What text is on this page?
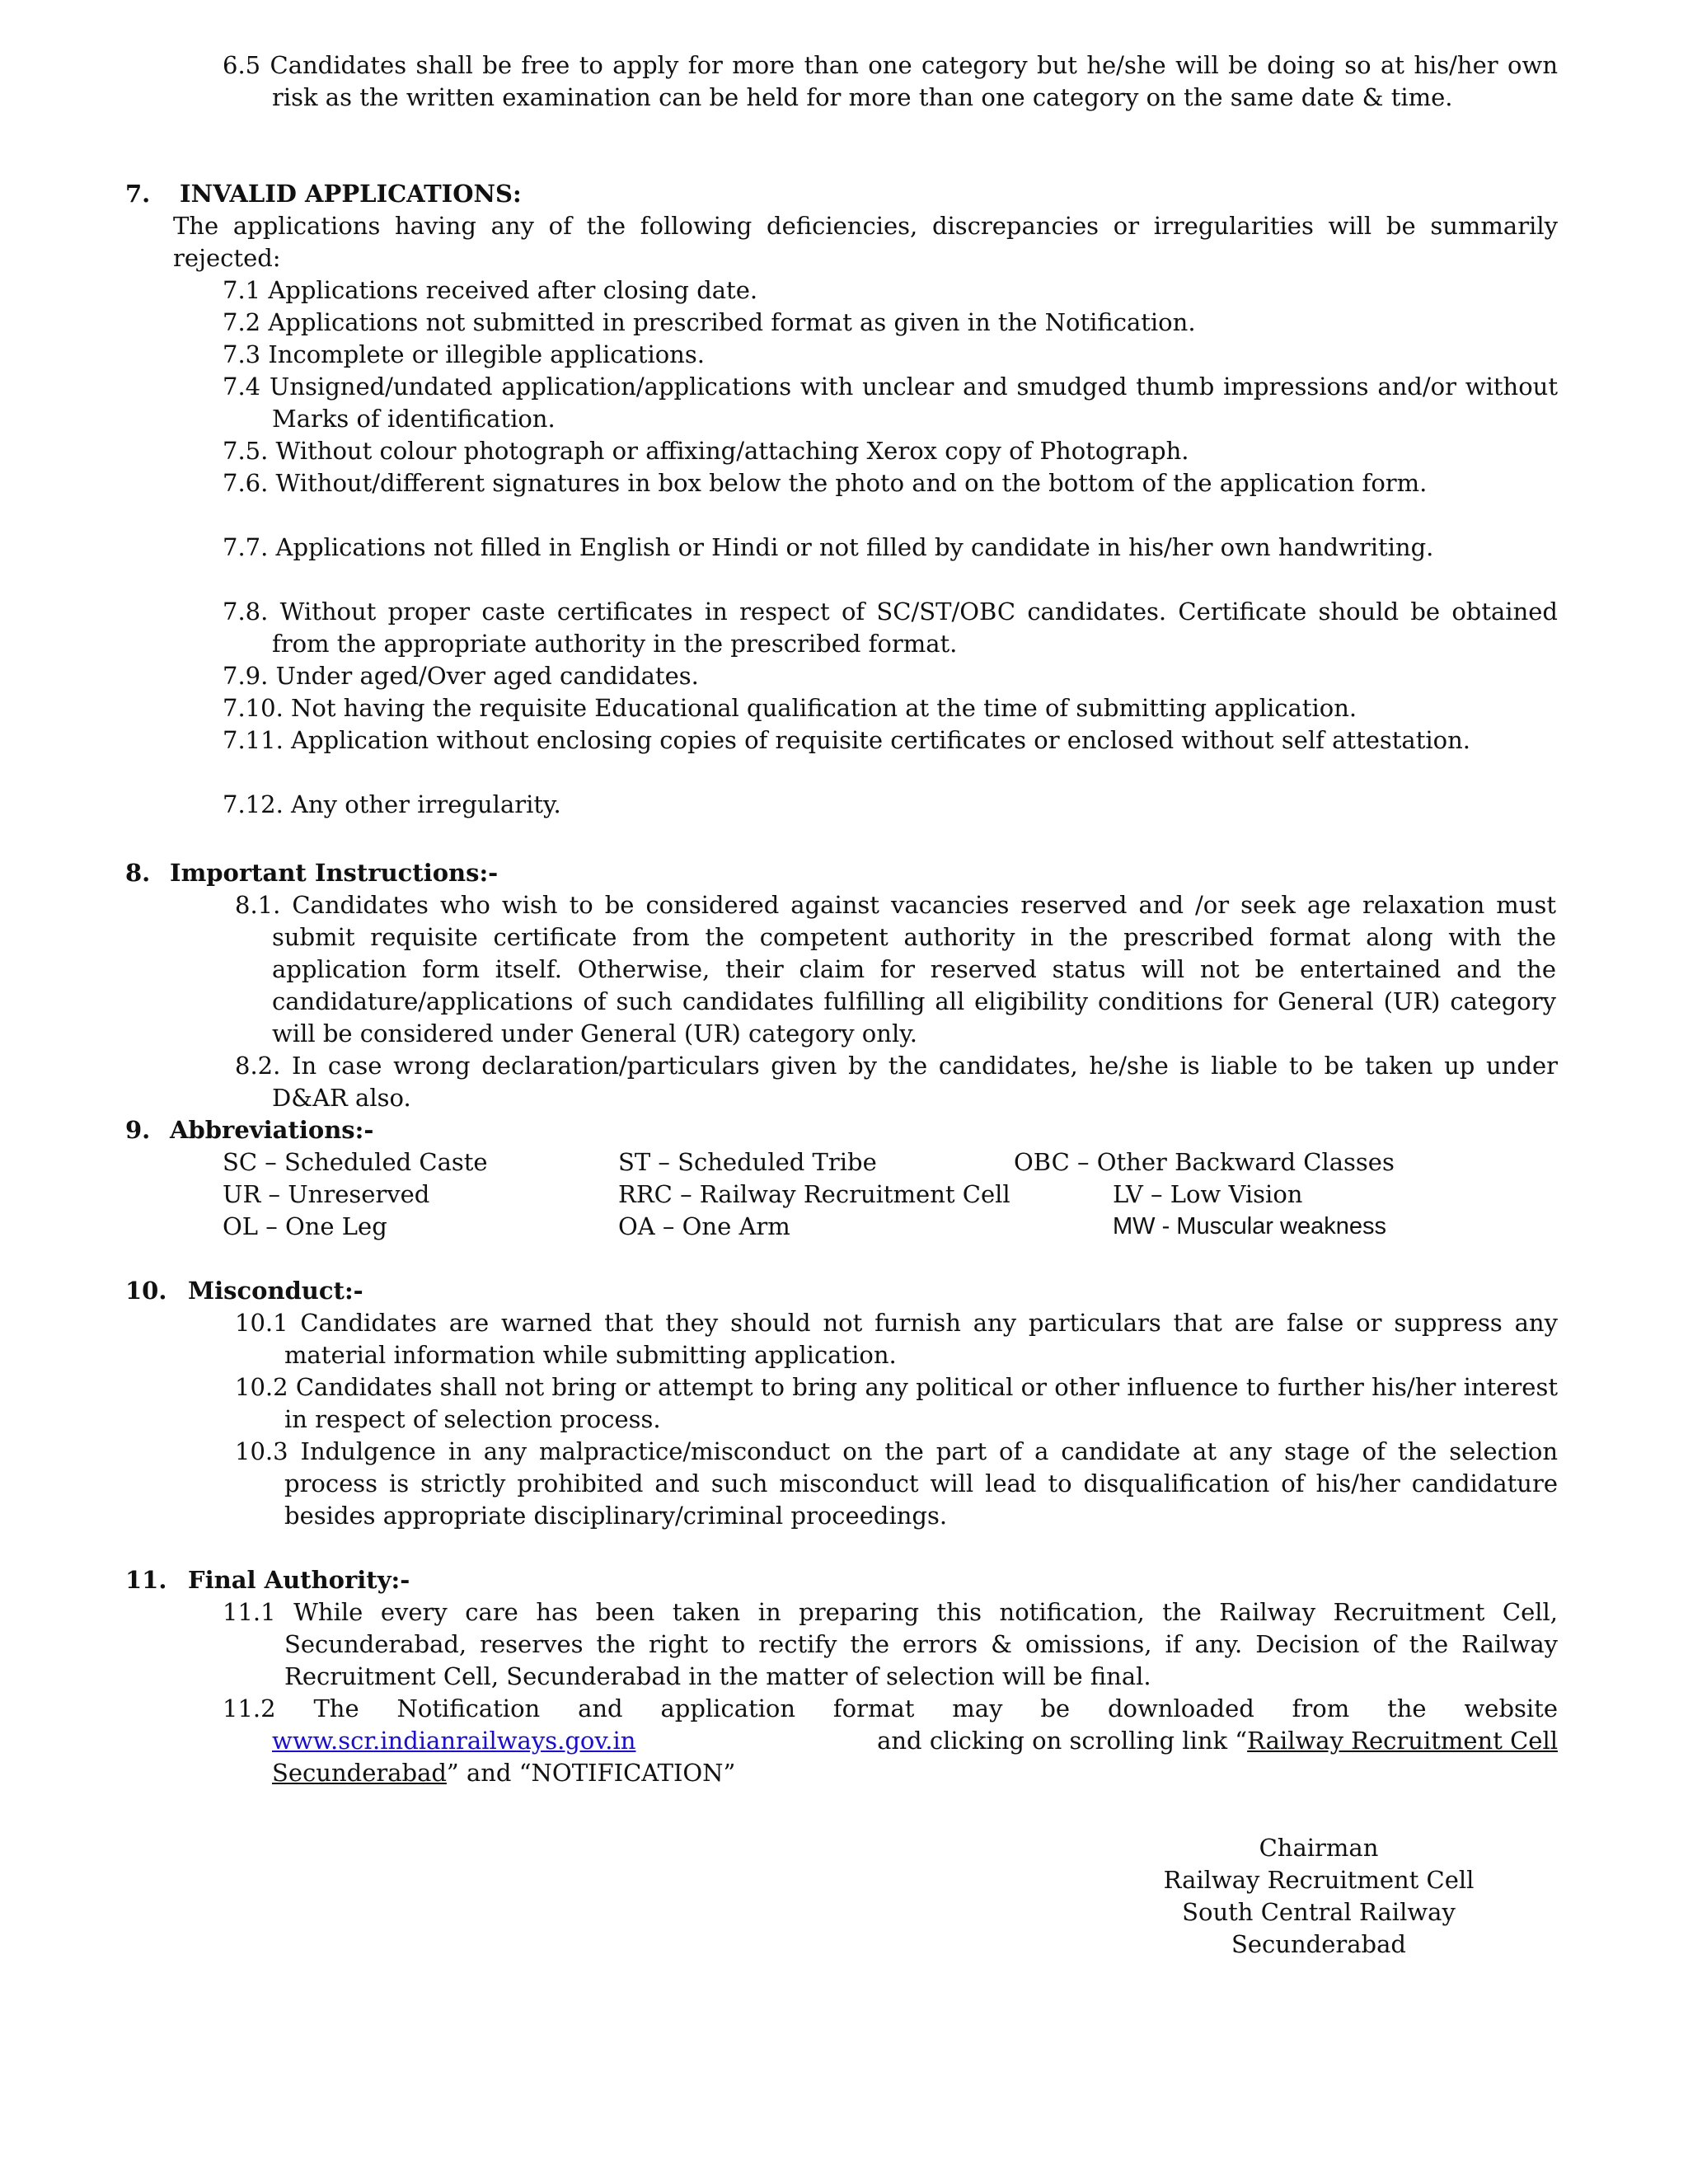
6.5 Candidates shall be free to apply for more than one category but he/she will be doing so at his/her own risk as the written examination can be held for more than one category on the same date & time.
7. INVALID APPLICATIONS:
The applications having any of the following deficiencies, discrepancies or irregularities will be summarily rejected:
7.1 Applications received after closing date.
7.2 Applications not submitted in prescribed format as given in the Notification.
7.3 Incomplete or illegible applications.
7.4 Unsigned/undated application/applications with unclear and smudged thumb impressions and/or without Marks of identification.
7.5. Without colour photograph or affixing/attaching Xerox copy of Photograph.
7.6. Without/different signatures in box below the photo and on the bottom of the application form.
7.7. Applications not filled in English or Hindi or not filled by candidate in his/her own handwriting.
7.8. Without proper caste certificates in respect of SC/ST/OBC candidates. Certificate should be obtained from the appropriate authority in the prescribed format.
7.9. Under aged/Over aged candidates.
7.10. Not having the requisite Educational qualification at the time of submitting application.
7.11. Application without enclosing copies of requisite certificates or enclosed without self attestation.
7.12. Any other irregularity.
8. Important Instructions:-
8.1. Candidates who wish to be considered against vacancies reserved and /or seek age relaxation must submit requisite certificate from the competent authority in the prescribed format along with the application form itself. Otherwise, their claim for reserved status will not be entertained and the candidature/applications of such candidates fulfilling all eligibility conditions for General (UR) category will be considered under General (UR) category only.
8.2. In case wrong declaration/particulars given by the candidates, he/she is liable to be taken up under D&AR also.
9. Abbreviations:-
SC – Scheduled Caste	ST – Scheduled Tribe	OBC – Other Backward Classes
UR – Unreserved	RRC – Railway Recruitment Cell	LV – Low Vision
OL – One Leg	OA – One Arm	MW - Muscular weakness
10. Misconduct:-
10.1 Candidates are warned that they should not furnish any particulars that are false or suppress any material information while submitting application.
10.2 Candidates shall not bring or attempt to bring any political or other influence to further his/her interest in respect of selection process.
10.3 Indulgence in any malpractice/misconduct on the part of a candidate at any stage of the selection process is strictly prohibited and such misconduct will lead to disqualification of his/her candidature besides appropriate disciplinary/criminal proceedings.
11. Final Authority:-
11.1 While every care has been taken in preparing this notification, the Railway Recruitment Cell, Secunderabad, reserves the right to rectify the errors & omissions, if any. Decision of the Railway Recruitment Cell, Secunderabad in the matter of selection will be final.
11.2 The Notification and application format may be downloaded from the website
www.scr.indianrailways.gov.in	and clicking on scrolling link “Railway Recruitment Cell
Secunderabad” and “NOTIFICATION”
Chairman
Railway Recruitment Cell
South Central Railway
Secunderabad
